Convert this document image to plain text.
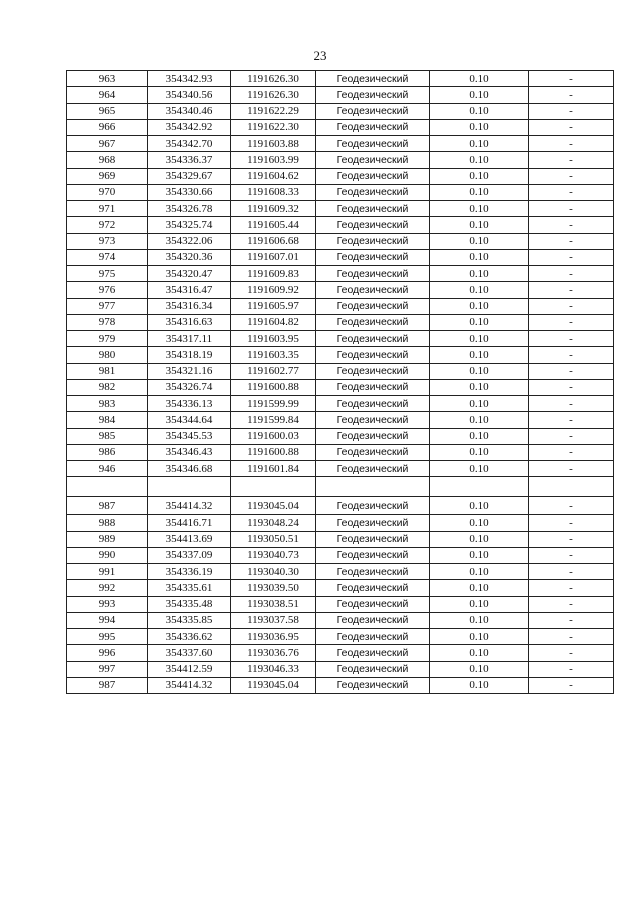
23
963	354342.93	1191626.30	Геодезический	0.10	-
964	354340.56	1191626.30	Геодезический	0.10	-
965	354340.46	1191622.29	Геодезический	0.10	-
966	354342.92	1191622.30	Геодезический	0.10	-
967	354342.70	1191603.88	Геодезический	0.10	-
968	354336.37	1191603.99	Геодезический	0.10	-
969	354329.67	1191604.62	Геодезический	0.10	-
970	354330.66	1191608.33	Геодезический	0.10	-
971	354326.78	1191609.32	Геодезический	0.10	-
972	354325.74	1191605.44	Геодезический	0.10	-
973	354322.06	1191606.68	Геодезический	0.10	-
974	354320.36	1191607.01	Геодезический	0.10	-
975	354320.47	1191609.83	Геодезический	0.10	-
976	354316.47	1191609.92	Геодезический	0.10	-
977	354316.34	1191605.97	Геодезический	0.10	-
978	354316.63	1191604.82	Геодезический	0.10	-
979	354317.11	1191603.95	Геодезический	0.10	-
980	354318.19	1191603.35	Геодезический	0.10	-
981	354321.16	1191602.77	Геодезический	0.10	-
982	354326.74	1191600.88	Геодезический	0.10	-
983	354336.13	1191599.99	Геодезический	0.10	-
984	354344.64	1191599.84	Геодезический	0.10	-
985	354345.53	1191600.03	Геодезический	0.10	-
986	354346.43	1191600.88	Геодезический	0.10	-
946	354346.68	1191601.84	Геодезический	0.10	-

987	354414.32	1193045.04	Геодезический	0.10	-
988	354416.71	1193048.24	Геодезический	0.10	-
989	354413.69	1193050.51	Геодезический	0.10	-
990	354337.09	1193040.73	Геодезический	0.10	-
991	354336.19	1193040.30	Геодезический	0.10	-
992	354335.61	1193039.50	Геодезический	0.10	-
993	354335.48	1193038.51	Геодезический	0.10	-
994	354335.85	1193037.58	Геодезический	0.10	-
995	354336.62	1193036.95	Геодезический	0.10	-
996	354337.60	1193036.76	Геодезический	0.10	-
997	354412.59	1193046.33	Геодезический	0.10	-
987	354414.32	1193045.04	Геодезический	0.10	-
